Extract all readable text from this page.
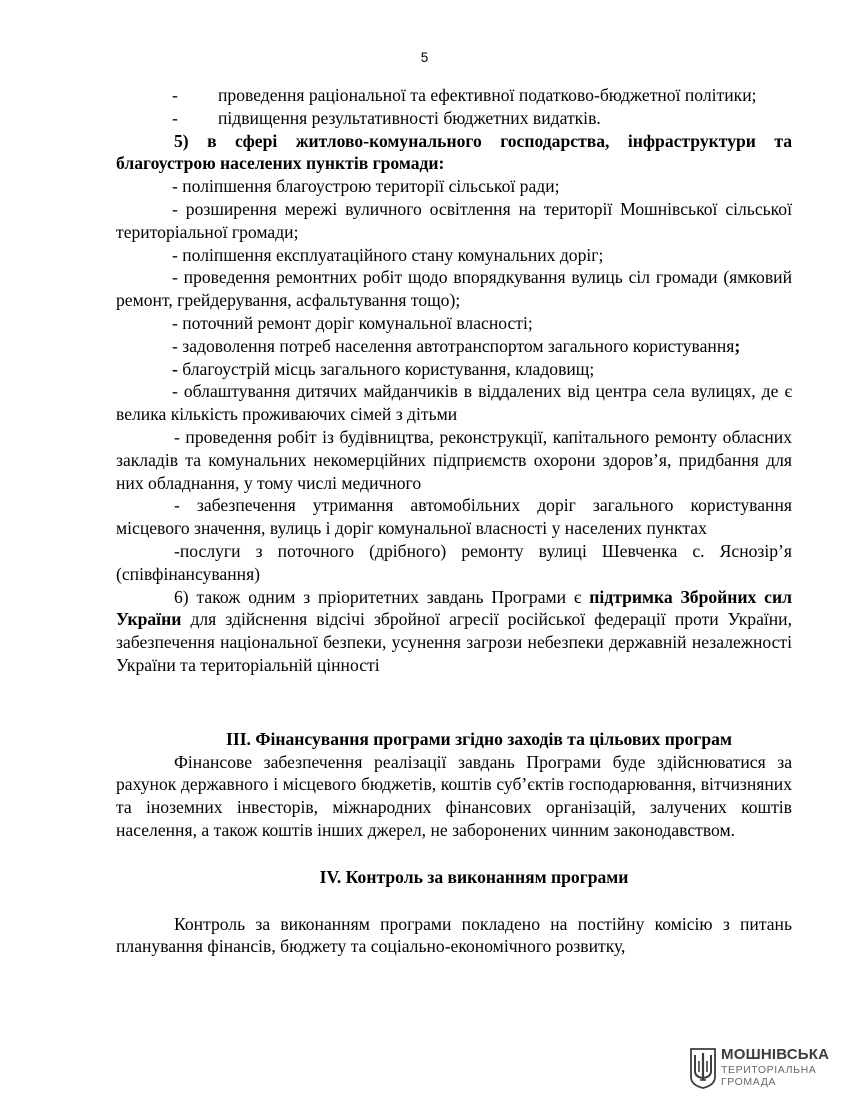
5

- проведення раціональної та ефективної податково-бюджетної політики;

- підвищення результативності бюджетних видатків.

5) в сфері житлово-комунального господарства, інфраструктури та благоустрою населених пунктів громади:

- поліпшення благоустрою території сільської ради;

- розширення мережі вуличного освітлення на території Мошнівської сільської територіальної громади;

- поліпшення експлуатаційного стану комунальних доріг;

- проведення ремонтних робіт щодо впорядкування вулиць сіл громади (ямковий ремонт, грейдерування, асфальтування тощо);

- поточний ремонт доріг комунальної власності;

- задоволення потреб населення автотранспортом загального користування;

- благоустрій місць загального користування, кладовищ;

- облаштування дитячих майданчиків в віддалених від центра села вулицях, де є велика кількість проживаючих сімей з дітьми

- проведення робіт із будівництва, реконструкції, капітального ремонту обласних закладів та комунальних некомерційних підприємств охорони здоров’я, придбання для них обладнання, у тому числі медичного

- забезпечення утримання автомобільних доріг загального користування місцевого значення, вулиць і доріг комунальної власності у населених пунктах

-послуги з поточного (дрібного) ремонту вулиці Шевченка с. Яснозір’я (співфінансування)

6) також одним з пріоритетних завдань Програми є підтримка Збройних сил України для здійснення відсічі збройної агресії російської федерації проти України, забезпечення національної безпеки, усунення загрози небезпеки державній незалежності України та територіальній цінності

ІІІ. Фінансування програми згідно заходів та цільових програм

Фінансове забезпечення реалізації завдань Програми буде здійснюватися за рахунок державного і місцевого бюджетів, коштів суб’єктів господарювання, вітчизняних та іноземних інвесторів, міжнародних фінансових організацій, залучених коштів населення, а також коштів інших джерел, не заборонених чинним законодавством.

IV. Контроль за виконанням програми

Контроль за виконанням програми покладено на постійну комісію з питань планування фінансів, бюджету та соціально-економічного розвитку,

МОШНІВСЬКА
ТЕРИТОРІАЛЬНА
ГРОМАДА
